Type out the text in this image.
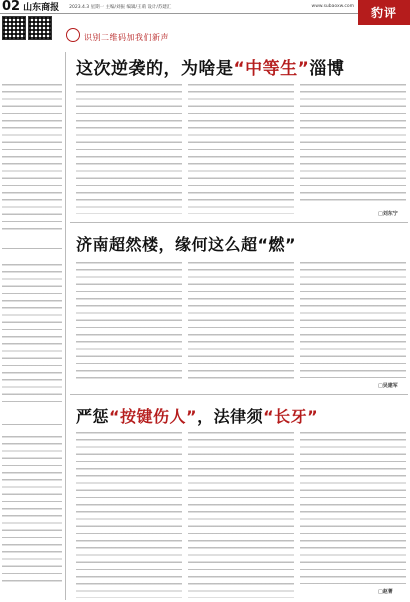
02 山东商报 2023.4.3 星期一 主编/刘振 编辑/王萌 设计/苏建汇	www.subaoxw.com	豹评
识别二维码加我们新声
这次逆袭的，为啥是“中等生”淄博
□刘东宁
济南超然楼，缘何这么超“燃”
□吴建军
严惩“按键伤人”，法律须“长牙”
□赵菁
